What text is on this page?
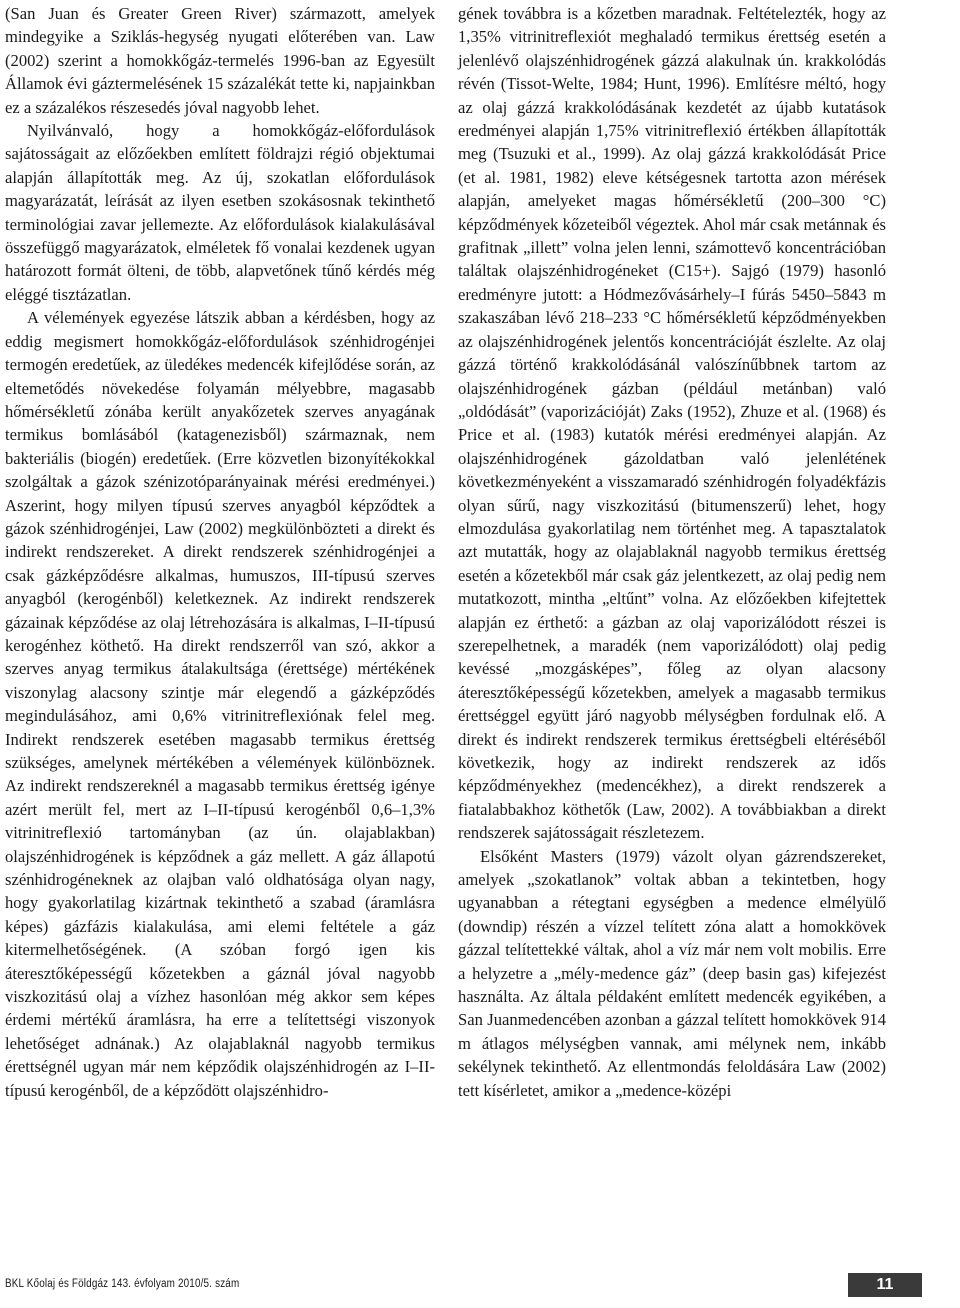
(San Juan és Greater Green River) származott, amelyek mindegyike a Sziklás-hegység nyugati előterében van. Law (2002) szerint a homokkőgáz-termelés 1996-ban az Egyesült Államok évi gáztermelésének 15 százalékát tette ki, napjainkban ez a százalékos részesedés jóval nagyobb lehet.

Nyilvánvaló, hogy a homokkőgáz-előfordulások sajátosságait az előzőekben említett földrajzi régió objektumai alapján állapították meg. Az új, szokatlan előfordulások magyarázatát, leírását az ilyen esetben szokásosnak tekinthető terminológiai zavar jellemezte. Az előfordulások kialakulásával összefüggő magyarázatok, elméletek fő vonalai kezdenek ugyan határozott formát ölteni, de több, alapvetőnek tűnő kérdés még eléggé tisztázatlan.

A vélemények egyezése látszik abban a kérdésben, hogy az eddig megismert homokkőgáz-előfordulások szénhidrogénjei termogén eredetűek, az üledékes medencék kifejlődése során, az eltemetődés növekedése folyamán mélyebbre, magasabb hőmérsékletű zónába került anyakőzetek szerves anyagának termikus bomlásából (katagenezisből) származnak, nem bakteriális (biogén) eredetűek. (Erre közvetlen bizonyítékokkal szolgáltak a gázok szénizotóparányainak mérési eredményei.) Aszerint, hogy milyen típusú szerves anyagból képződtek a gázok szénhidrogénjei, Law (2002) megkülönbözteti a direkt és indirekt rendszereket. A direkt rendszerek szénhidrogénjei a csak gázképződésre alkalmas, humuszos, III-típusú szerves anyagból (kerogénből) keletkeznek. Az indirekt rendszerek gázainak képződése az olaj létrehozására is alkalmas, I–II-típusú kerogénhez köthető. Ha direkt rendszerről van szó, akkor a szerves anyag termikus átalakultsága (érettsége) mértékének viszonylag alacsony szintje már elegendő a gázképződés megindulásához, ami 0,6% vitrinitreflexiónak felel meg. Indirekt rendszerek esetében magasabb termikus érettség szükséges, amelynek mértékében a vélemények különböznek. Az indirekt rendszereknél a magasabb termikus érettség igénye azért merült fel, mert az I–II-típusú kerogénből 0,6–1,3% vitrinitreflexió tartományban (az ún. olajablakban) olajszénhidrogének is képződnek a gáz mellett. A gáz állapotú szénhidrogéneknek az olajban való oldhatósága olyan nagy, hogy gyakorlatilag kizártnak tekinthető a szabad (áramlásra képes) gázfázis kialakulása, ami elemi feltétele a gáz kitermelhetőségének. (A szóban forgó igen kis áteresztőképességű kőzetekben a gáznál jóval nagyobb viszkozitású olaj a vízhez hasonlóan még akkor sem képes érdemi mértékű áramlásra, ha erre a telítettségi viszonyok lehetőséget adnának.) Az olajablaknál nagyobb termikus érettségnél ugyan már nem képződik olajszénhidrogén az I–II-típusú kerogénből, de a képződött olajszénhidro-

gének továbbra is a kőzetben maradnak. Feltételezték, hogy az 1,35% vitrinitreflexiót meghaladó termikus érettség esetén a jelenlévő olajszénhidrogének gázzá alakulnak ún. krakkolódás révén (Tissot-Welte, 1984; Hunt, 1996). Említésre méltó, hogy az olaj gázzá krakkolódásának kezdetét az újabb kutatások eredményei alapján 1,75% vitrinitreflexió értékben állapították meg (Tsuzuki et al., 1999). Az olaj gázzá krakkolódását Price (et al. 1981, 1982) eleve kétségesnek tartotta azon mérések alapján, amelyeket magas hőmérsékletű (200–300 °C) képződmények kőzeteiből végeztek. Ahol már csak metánnak és grafitnak „illett” volna jelen lenni, számottevő koncentrációban találtak olajszénhidrogéneket (C15+). Sajgó (1979) hasonló eredményre jutott: a Hódmezővásárhely–I fúrás 5450–5843 m szakaszában lévő 218–233 °C hőmérsékletű képződményekben az olajszénhidrogének jelentős koncentrációját észlelte. Az olaj gázzá történő krakkolódásánál valószínűbbnek tartom az olajszénhidrogének gázban (például metánban) való „oldódását” (vaporizációját) Zaks (1952), Zhuze et al. (1968) és Price et al. (1983) kutatók mérési eredményei alapján. Az olajszénhidrogének gázoldatban való jelenlétének következményeként a visszamaradó szénhidrogén folyadékfázis olyan sűrű, nagy viszkozitású (bitumenszerű) lehet, hogy elmozdulása gyakorlatilag nem történhet meg. A tapasztalatok azt mutatták, hogy az olajablaknál nagyobb termikus érettség esetén a kőzetekből már csak gáz jelentkezett, az olaj pedig nem mutatkozott, mintha „eltűnt” volna. Az előzőekben kifejtettek alapján ez érthető: a gázban az olaj vaporizálódott részei is szerepelhetnek, a maradék (nem vaporizálódott) olaj pedig kevéssé „mozgásképes”, főleg az olyan alacsony áteresztőképességű kőzetekben, amelyek a magasabb termikus érettséggel együtt járó nagyobb mélységben fordulnak elő. A direkt és indirekt rendszerek termikus érettségbeli eltéréséből következik, hogy az indirekt rendszerek az idős képződményekhez (medencékhez), a direkt rendszerek a fiatalabbakhoz köthetők (Law, 2002). A továbbiakban a direkt rendszerek sajátosságait részletezem.

Elsőként Masters (1979) vázolt olyan gázrendszereket, amelyek „szokatlanok” voltak abban a tekintetben, hogy ugyanabban a rétegtani egységben a medence elmélyülő (downdip) részén a vízzel telített zóna alatt a homokkövek gázzal telítettekké váltak, ahol a víz már nem volt mobilis. Erre a helyzetre a „mély-medence gáz” (deep basin gas) kifejezést használta. Az általa példaként említett medencék egyikében, a San Juanmedencében azonban a gázzal telített homokkövek 914 m átlagos mélységben vannak, ami mélynek nem, inkább sekélynek tekinthető. Az ellentmondás feloldására Law (2002) tett kísérletet, amikor a „medence-középi

BKL Kőolaj és Földgáz 143. évfolyam 2010/5. szám	11
